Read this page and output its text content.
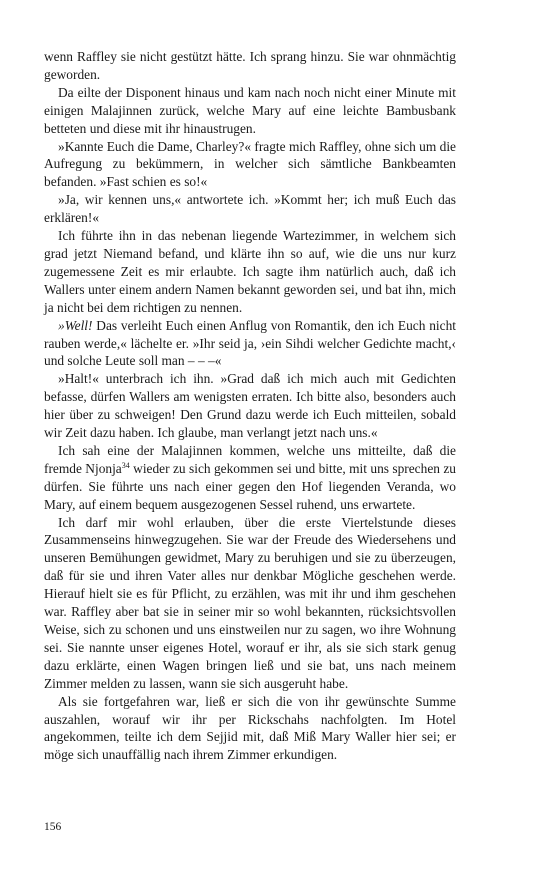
wenn Raffley sie nicht gestützt hätte. Ich sprang hinzu. Sie war ohnmächtig geworden.

Da eilte der Disponent hinaus und kam nach noch nicht einer Minute mit einigen Malajinnen zurück, welche Mary auf eine leichte Bambusbank betteten und diese mit ihr hinaustrugen.

»Kannte Euch die Dame, Charley?« fragte mich Raffley, ohne sich um die Aufregung zu bekümmern, in welcher sich sämtliche Bankbeamten befanden. »Fast schien es so!«

»Ja, wir kennen uns,« antwortete ich. »Kommt her; ich muß Euch das erklären!«

Ich führte ihn in das nebenan liegende Wartezimmer, in welchem sich grad jetzt Niemand befand, und klärte ihn so auf, wie die uns nur kurz zugemessene Zeit es mir erlaubte. Ich sagte ihm natürlich auch, daß ich Wallers unter einem andern Namen bekannt geworden sei, und bat ihn, mich ja nicht bei dem richtigen zu nennen.

»Well! Das verleiht Euch einen Anflug von Romantik, den ich Euch nicht rauben werde,« lächelte er. »Ihr seid ja, ›ein Sihdi welcher Gedichte macht,‹ und solche Leute soll man – – –«

»Halt!« unterbrach ich ihn. »Grad daß ich mich auch mit Gedichten befasse, dürfen Wallers am wenigsten erraten. Ich bitte also, besonders auch hier über zu schweigen! Den Grund dazu werde ich Euch mitteilen, sobald wir Zeit dazu haben. Ich glaube, man verlangt jetzt nach uns.«

Ich sah eine der Malajinnen kommen, welche uns mitteilte, daß die fremde Njonja$^{34}$ wieder zu sich gekommen sei und bitte, mit uns sprechen zu dürfen. Sie führte uns nach einer gegen den Hof liegenden Veranda, wo Mary, auf einem bequem ausgezogenen Sessel ruhend, uns erwartete.

Ich darf mir wohl erlauben, über die erste Viertelstunde dieses Zusammenseins hinwegzugehen. Sie war der Freude des Wiedersehens und unseren Bemühungen gewidmet, Mary zu beruhigen und sie zu überzeugen, daß für sie und ihren Vater alles nur denkbar Mögliche geschehen werde. Hierauf hielt sie es für Pflicht, zu erzählen, was mit ihr und ihm geschehen war. Raffley aber bat sie in seiner mir so wohl bekannten, rücksichtsvollen Weise, sich zu schonen und uns einstweilen nur zu sagen, wo ihre Wohnung sei. Sie nannte unser eigenes Hotel, worauf er ihr, als sie sich stark genug dazu erklärte, einen Wagen bringen ließ und sie bat, uns nach meinem Zimmer melden zu lassen, wann sie sich ausgeruht habe.

Als sie fortgefahren war, ließ er sich die von ihr gewünschte Summe auszahlen, worauf wir ihr per Rickschahs nachfolgten. Im Hotel angekommen, teilte ich dem Sejjid mit, daß Miß Mary Waller hier sei; er möge sich unauffällig nach ihrem Zimmer erkundigen.

156
